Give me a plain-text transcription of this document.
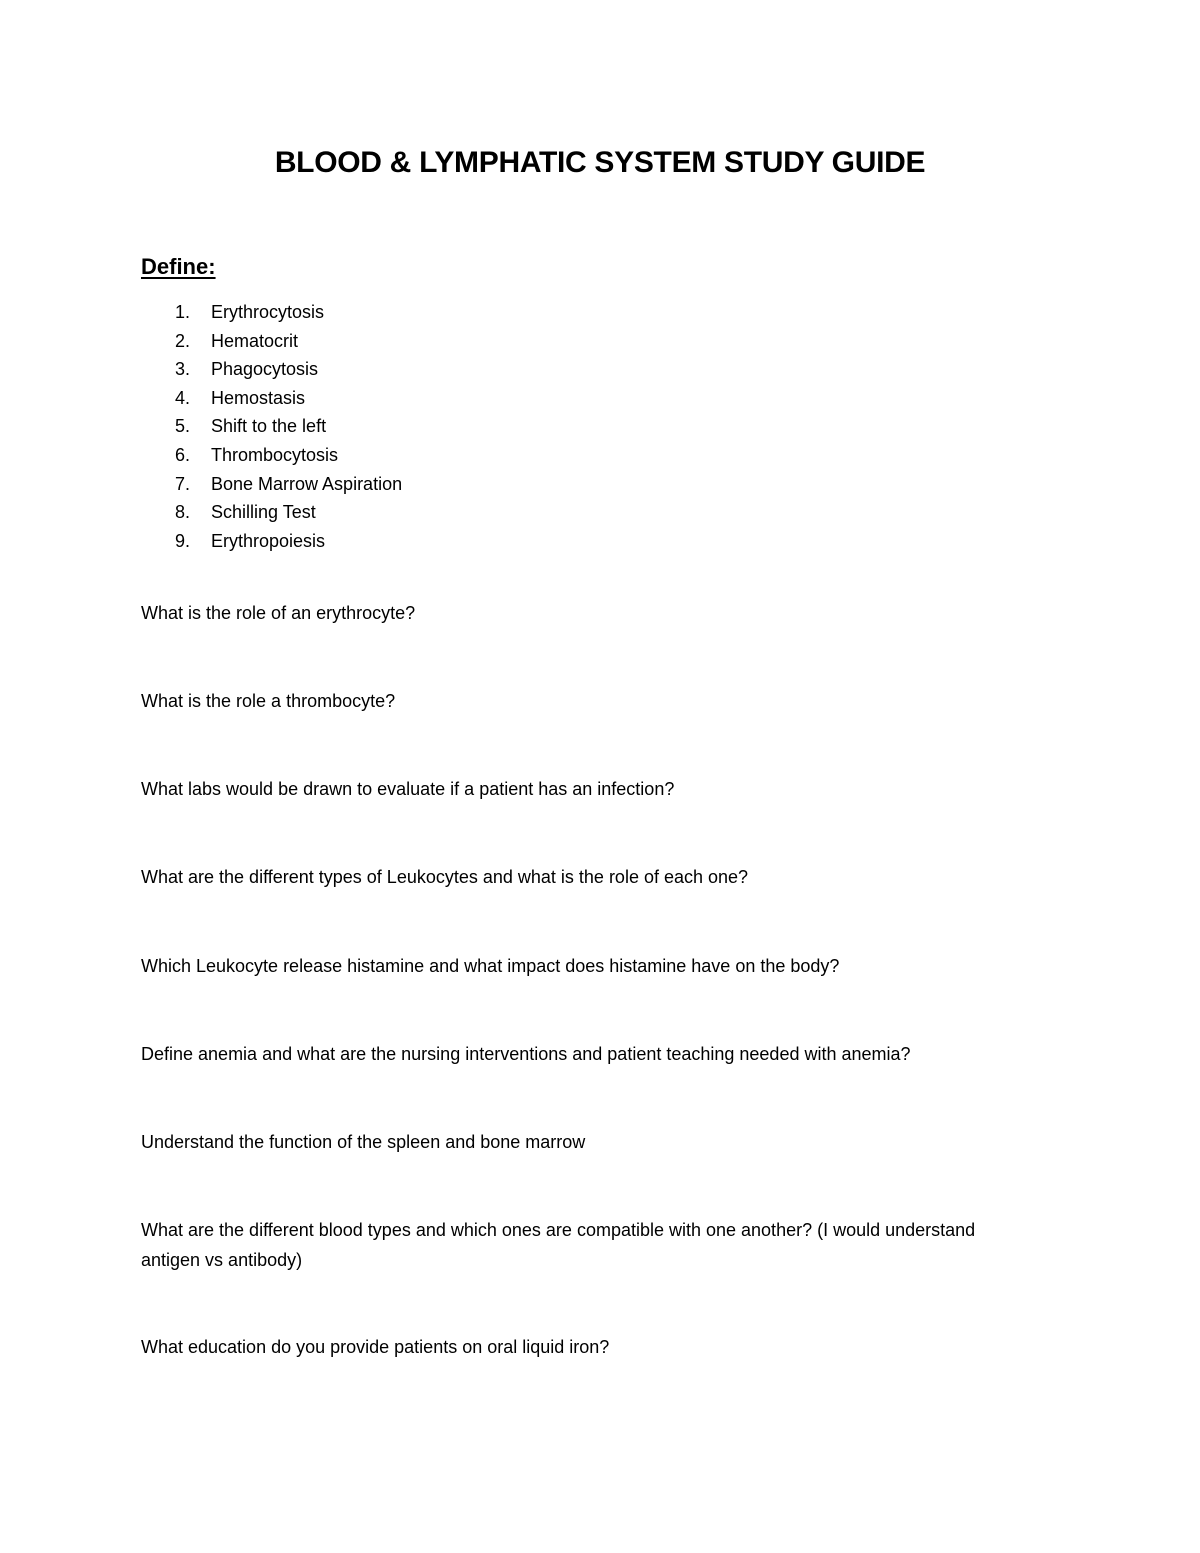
BLOOD & LYMPHATIC SYSTEM STUDY GUIDE
Define:
1. Erythrocytosis
2. Hematocrit
3. Phagocytosis
4. Hemostasis
5. Shift to the left
6. Thrombocytosis
7. Bone Marrow Aspiration
8. Schilling Test
9. Erythropoiesis

What is the role of an erythrocyte?

What is the role a thrombocyte?

What labs would be drawn to evaluate if a patient has an infection?

What are the different types of Leukocytes and what is the role of each one?

Which Leukocyte release histamine and what impact does histamine have on the body?

Define anemia and what are the nursing interventions and patient teaching needed with anemia?

Understand the function of the spleen and bone marrow

What are the different blood types and which ones are compatible with one another? (I would understand antigen vs antibody)

What education do you provide patients on oral liquid iron?
